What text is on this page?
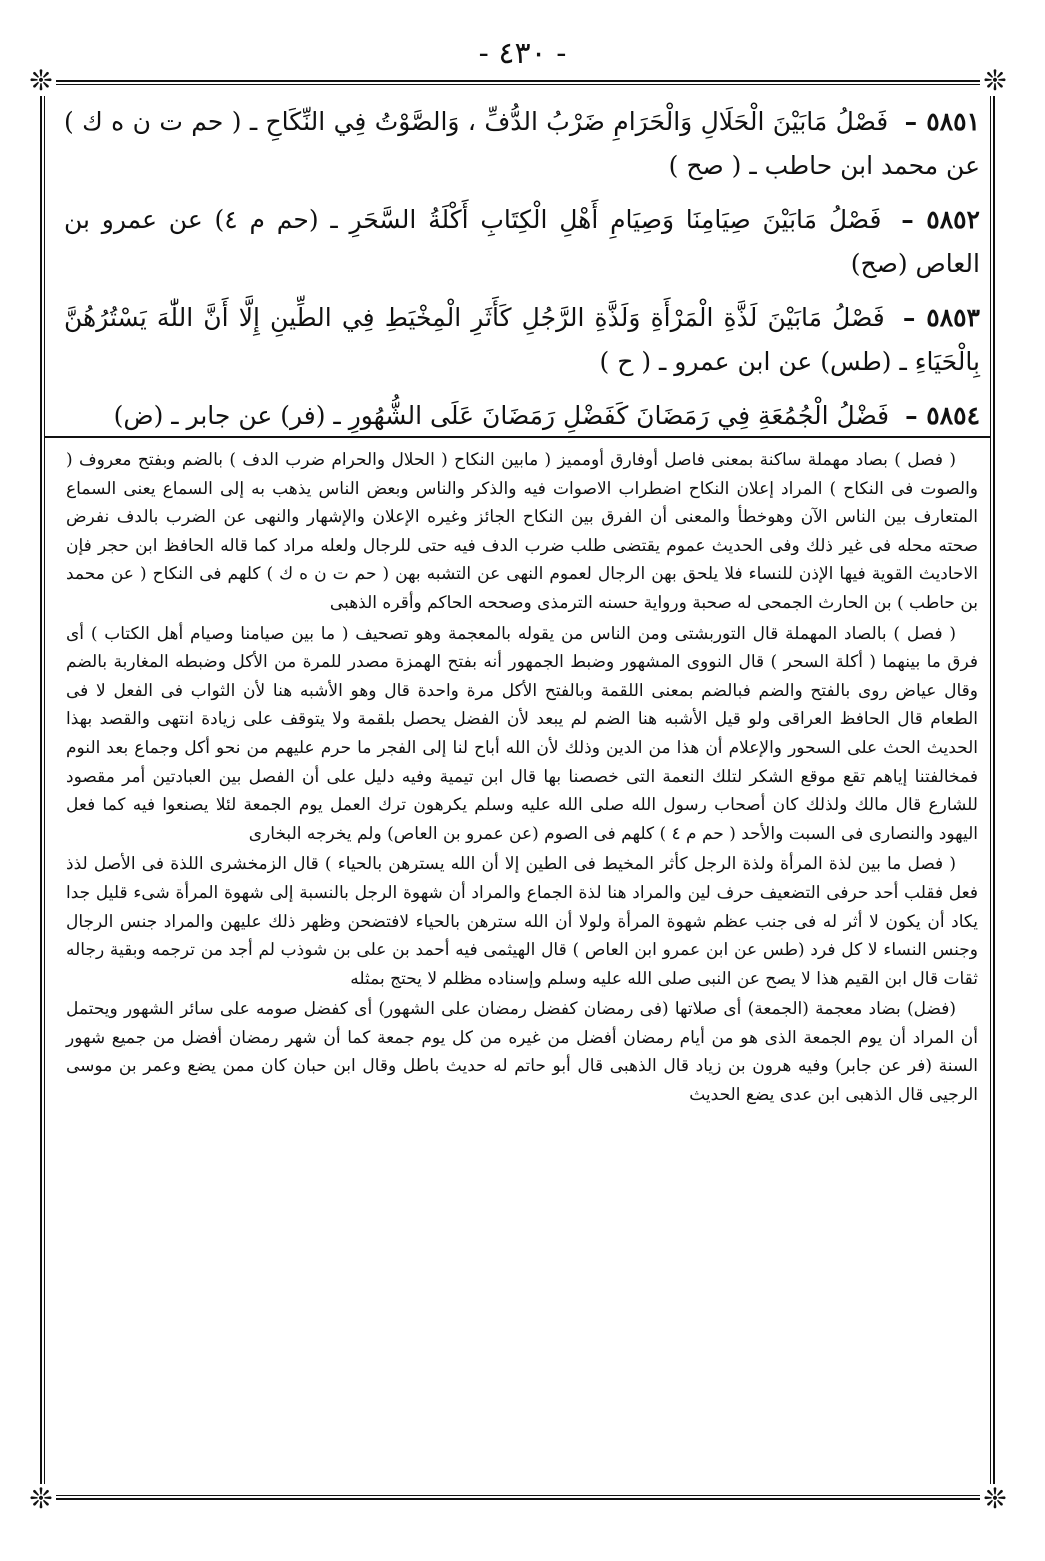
- ٤٣٠ -
❊	❊
❊	❊

٥٨٥١ – فَصْلُ مَابَيْنَ الْحَلَالِ وَالْحَرَامِ ضَرْبُ الدُّفِّ ، وَالصَّوْتُ فِي النِّكَاحِ ـ ( حم ت ن ه ك ) عن محمد ابن حاطب ـ ( صح )

٥٨٥٢ – فَصْلُ مَابَيْنَ صِيَامِنَا وَصِيَامِ أَهْلِ الْكِتَابِ أَكْلَةُ السَّحَرِ ـ (حم م ٤) عن عمرو بن العاص (صح)

٥٨٥٣ – فَصْلُ مَابَيْنَ لَذَّةِ الْمَرْأَةِ وَلَذَّةِ الرَّجُلِ كَأَثَرِ الْمِخْيَطِ فِي الطِّينِ إِلَّا أَنَّ اللّٰهَ يَسْتُرُهُنَّ بِالْحَيَاءِ ـ (طس) عن ابن عمرو ـ ( ح )

٥٨٥٤ – فَضْلُ الْجُمُعَةِ فِي رَمَضَانَ كَفَضْلِ رَمَضَانَ عَلَى الشُّهُورِ ـ (فر) عن جابر ـ (ض)

( فصل ) بصاد مهملة ساكنة بمعنى فاصل أوفارق أومميز ( مابين النكاح ( الحلال والحرام ضرب الدف ) بالضم وبفتح معروف ( والصوت فى النكاح ) المراد إعلان النكاح اضطراب الاصوات فيه والذكر والناس وبعض الناس يذهب به إلى السماع يعنى السماع المتعارف بين الناس الآن وهوخطأ والمعنى أن الفرق بين النكاح الجائز وغيره الإعلان والإشهار والنهى عن الضرب بالدف نفرض صحته محله فى غير ذلك وفى الحديث عموم يقتضى طلب ضرب الدف فيه حتى للرجال ولعله مراد كما قاله الحافظ ابن حجر فإن الاحاديث القوية فيها الإذن للنساء فلا يلحق بهن الرجال لعموم النهى عن التشبه بهن ( حم ت ن ه ك ) كلهم فى النكاح ( عن محمد بن حاطب ) بن الحارث الجمحى له صحبة ورواية حسنه الترمذى وصححه الحاكم وأقره الذهبى

( فصل ) بالصاد المهملة قال التوربشتى ومن الناس من يقوله بالمعجمة وهو تصحيف ( ما بين صيامنا وصيام أهل الكتاب ) أى فرق ما بينهما ( أكلة السحر ) قال النووى المشهور وضبط الجمهور أنه بفتح الهمزة مصدر للمرة من الأكل وضبطه المغاربة بالضم وقال عياض روى بالفتح والضم فبالضم بمعنى اللقمة وبالفتح الأكل مرة واحدة قال وهو الأشبه هنا لأن الثواب فى الفعل لا فى الطعام قال الحافظ العراقى ولو قيل الأشبه هنا الضم لم يبعد لأن الفضل يحصل بلقمة ولا يتوقف على زيادة انتهى والقصد بهذا الحديث الحث على السحور والإعلام أن هذا من الدين وذلك لأن الله أباح لنا إلى الفجر ما حرم عليهم من نحو أكل وجماع بعد النوم فمخالفتنا إياهم تقع موقع الشكر لتلك النعمة التى خصصنا بها قال ابن تيمية وفيه دليل على أن الفصل بين العبادتين أمر مقصود للشارع قال مالك ولذلك كان أصحاب رسول الله صلى الله عليه وسلم يكرهون ترك العمل يوم الجمعة لئلا يصنعوا فيه كما فعل اليهود والنصارى فى السبت والأحد ( حم م ٤ ) كلهم فى الصوم (عن عمرو بن العاص) ولم يخرجه البخارى

( فصل ما بين لذة المرأة ولذة الرجل كأثر المخيط فى الطين إلا أن الله يسترهن بالحياء ) قال الزمخشرى اللذة فى الأصل لذذ فعل فقلب أحد حرفى التضعيف حرف لين والمراد هنا لذة الجماع والمراد أن شهوة الرجل بالنسبة إلى شهوة المرأة شىء قليل جدا يكاد أن يكون لا أثر له فى جنب عظم شهوة المرأة ولولا أن الله سترهن بالحياء لافتضحن وظهر ذلك عليهن والمراد جنس الرجال وجنس النساء لا كل فرد (طس عن ابن عمرو ابن العاص ) قال الهيثمى فيه أحمد بن على بن شوذب لم أجد من ترجمه وبقية رجاله ثقات قال ابن القيم هذا لا يصح عن النبى صلى الله عليه وسلم وإسناده مظلم لا يحتج بمثله

(فضل) بضاد معجمة (الجمعة) أى صلاتها (فى رمضان كفضل رمضان على الشهور) أى كفضل صومه على سائر الشهور ويحتمل أن المراد أن يوم الجمعة الذى هو من أيام رمضان أفضل من غيره من كل يوم جمعة كما أن شهر رمضان أفضل من جميع شهور السنة (فر عن جابر) وفيه هرون بن زياد قال الذهبى قال أبو حاتم له حديث باطل وقال ابن حبان كان ممن يضع وعمر بن موسى الرجيى قال الذهبى ابن عدى يضع الحديث
